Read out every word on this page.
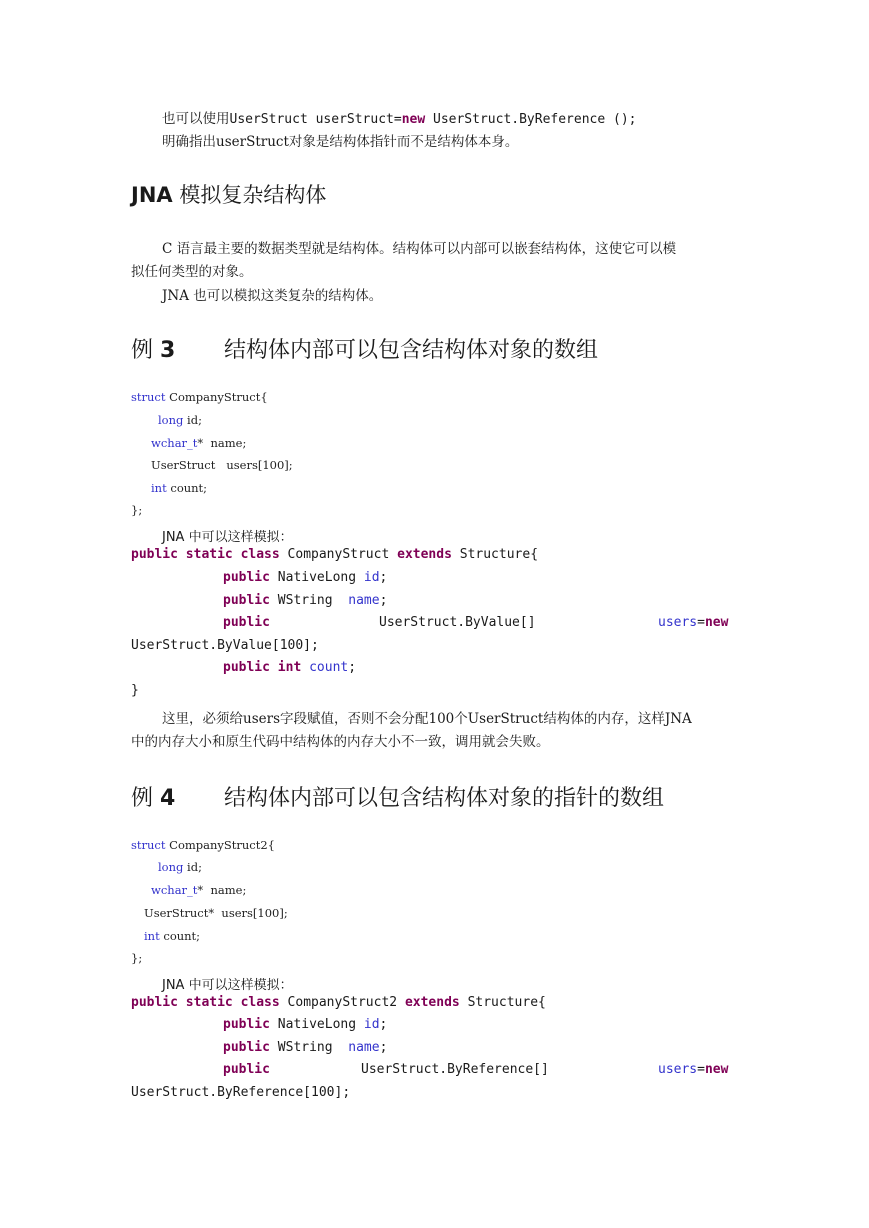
也可以使用UserStruct userStruct=new UserStruct.ByReference ();
明确指出userStruct对象是结构体指针而不是结构体本身。
JNA 模拟复杂结构体
C 语言最主要的数据类型就是结构体。结构体可以内部可以嵌套结构体，这使它可以模
拟任何类型的对象。
JNA 也可以模拟这类复杂的结构体。
例 3 结构体内部可以包含结构体对象的数组
struct CompanyStruct{
long id;
wchar_t*  name;
UserStruct   users[100];
int count;
};
JNA 中可以这样模拟：
public static class CompanyStruct extends Structure{
public NativeLong id;
public WString  name;
public	UserStruct.ByValue[]	users=new
UserStruct.ByValue[100];
public int count;
}
这里，必须给users字段赋值，否则不会分配100个UserStruct结构体的内存，这样JNA
中的内存大小和原生代码中结构体的内存大小不一致，调用就会失败。
例 4 结构体内部可以包含结构体对象的指针的数组
struct CompanyStruct2{
long id;
wchar_t*  name;
UserStruct*  users[100];
int count;
};
JNA 中可以这样模拟：
public static class CompanyStruct2 extends Structure{
public NativeLong id;
public WString  name;
public	UserStruct.ByReference[]	users=new
UserStruct.ByReference[100];
